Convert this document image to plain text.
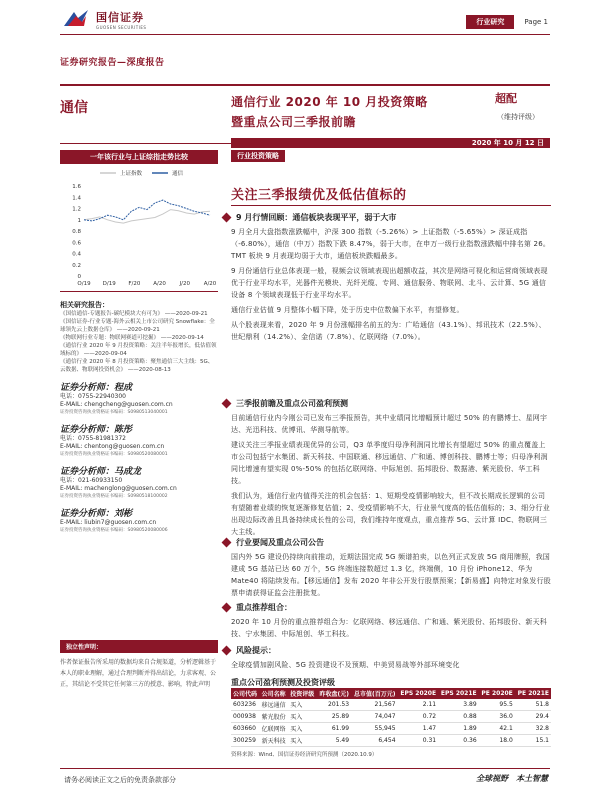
国信证券
GUOSEN SECURITIES
行业研究	Page 1
证券研究报告—深度报告
通信	通信行业 2020 年 10 月投资策略
暨重点公司三季报前瞻
超配
（维持评级）
2020 年 10 月 12 日
一年该行业与上证综指走势比较
上证指数	通信
0
0.2
0.4
0.6
0.8
1
1.2
1.4
1.6
O/19 D/19 F/20 A/20 J/20 A/20
相关研究报告：
《国信通信-专题报告-碳纪模块大有可为》 ——2020-09-21
《国信证券-行业专题-海外云相关上市公司研究 Snowflake：全球领先云上数据仓库》 ——2020-09-21
《物联网行业专题：物联网赛道可挖掘》 ——2020-09-14
《通信行业 2020 年 9 月投资策略：关注半年报增长，低估值领域标的》 ——2020-09-04
《通信行业 2020 年 8 月投资策略：聚焦通信三大主线：5G、云数据、物联网投资机会》 ——2020-08-13
证券分析师：程成
电话：0755-22940300
E-MAIL: chengcheng@guosen.com.cn
证券投资咨询执业资格证书编码：S0980513040001
证券分析师：陈彤
电话：0755-81981372
E-MAIL: chentong@guosen.com.cn
证券投资咨询执业资格证书编码：S0980520080001
证券分析师：马成龙
电话：021-60933150
E-MAIL: machenglong@guosen.com.cn
证券投资咨询执业资格证书编码：S0980518100002
证券分析师：刘彬
E-MAIL: liubin7@guosen.com.cn
证券投资咨询执业资格证书编码：S0980520080006
独立性声明：
作者保证报告所采用的数据均来自合规渠道，分析逻辑基于本人的职业理解，通过合理判断并得出结论，力求客观、公正，其结论不受其它任何第三方的授意、影响，特此声明
行业投资策略
关注三季报绩优及低估值标的
9 月行情回顾：通信板块表现平平，弱于大市
9 月全月大盘指数涨跌幅中，沪深 300 指数（-5.26%）> 上证指数（-5.65%）> 深证成指（-6.80%），通信（中万）指数下跌 8.47%，弱于大市，在申万一级行业指数涨跌幅中排名第 26。TMT 板块 9 月表现均弱于大市，通信板块跌幅最多。
9 月份通信行业总体表现一般，视频会议领域表现出超额收益，其次是网络可视化和运营商领域表现优于行业平均水平，光器件光模块、光纤光缆、专网、通信服务、物联网、北斗、云计算、5G 通信设备 8 个领域表现低于行业平均水平。
通信行业估值 9 月整体小幅下降，处于历史中位数偏下水平，有望修复。
从个股表现来看，2020 年 9 月份涨幅排名前五的为：广哈通信（43.1%）、邦讯技术（22.5%）、世纪鼎利（14.2%）、金信诺（7.8%）、亿联网络（7.0%）。
三季报前瞻及重点公司盈利预测
目前通信行业内今刚公司已发布三季报预告，其中业绩同比增幅预计超过 50% 的有鹏博士、星网宇达、光迅科技、优博讯、华测导航等。
建议关注三季报业绩表现优异的公司，Q3 单季度归母净利润同比增长有望超过 50% 的重点覆盖上市公司包括宁水集团、新天科技、中国联通、移远通信、广和通、博创科技、鹏博士等；归母净利润同比增速有望实现 0%-50% 的包括亿联网络、中际旭创、拓邦股份、数据港、紫光股份、华工科技。
我们认为，通信行业内值得关注的机会包括：1、短期受疫情影响较大，但不改长期成长逻辑的公司有望随着业绩的恢复逐渐修复估值；2、受疫情影响不大，行业景气度高的低估值标的；3、细分行业出现边际改善且具备持续成长性的公司，我们维持年度观点，重点推荐 5G、云计算 IDC、物联网三大主线。
行业要闻及重点公司公告
国内外 5G 建设仍持续向前推动，近期法国完成 5G 频谱拍卖，以色列正式发放 5G 商用牌照，我国建成 5G 基站已达 60 万个，5G 终端连接数超过 1.3 亿，终端侧，10 月份 iPhone12、华为 Mate40 将陆续发布。【移远通信】发布 2020 年非公开发行股票预案；【新易盛】向特定对象发行股票申请获得证监会注册批复。
重点推荐组合：
2020 年 10 月份的重点推荐组合为：亿联网络、移远通信、广和通、紫光股份、拓邦股份、新天科技、宁水集团、中际旭创、华工科技。
风险提示：
全球疫情加剧风险、5G 投资建设不及预期、中美贸易战等外部环境变化
重点公司盈利预测及投资评级
公司代码	公司名称	投资评级	昨收盘(元)	总市值(百万元)	EPS 2020E	EPS 2021E	PE 2020E	PE 2021E
603236	移远通信	买入	201.53	21,567	2.11	3.89	95.5	51.8
000938	紫光股份	买入	25.89	74,047	0.72	0.88	36.0	29.4
603660	亿联网络	买入	61.99	55,945	1.47	1.89	42.1	32.8
300259	新天科技	买入	5.49	6,454	0.31	0.36	18.0	15.1
资料来源：Wind、国信证券经济研究所预测（2020.10.9）
请务必阅读正文之后的免责条款部分	全球视野　本土智慧
